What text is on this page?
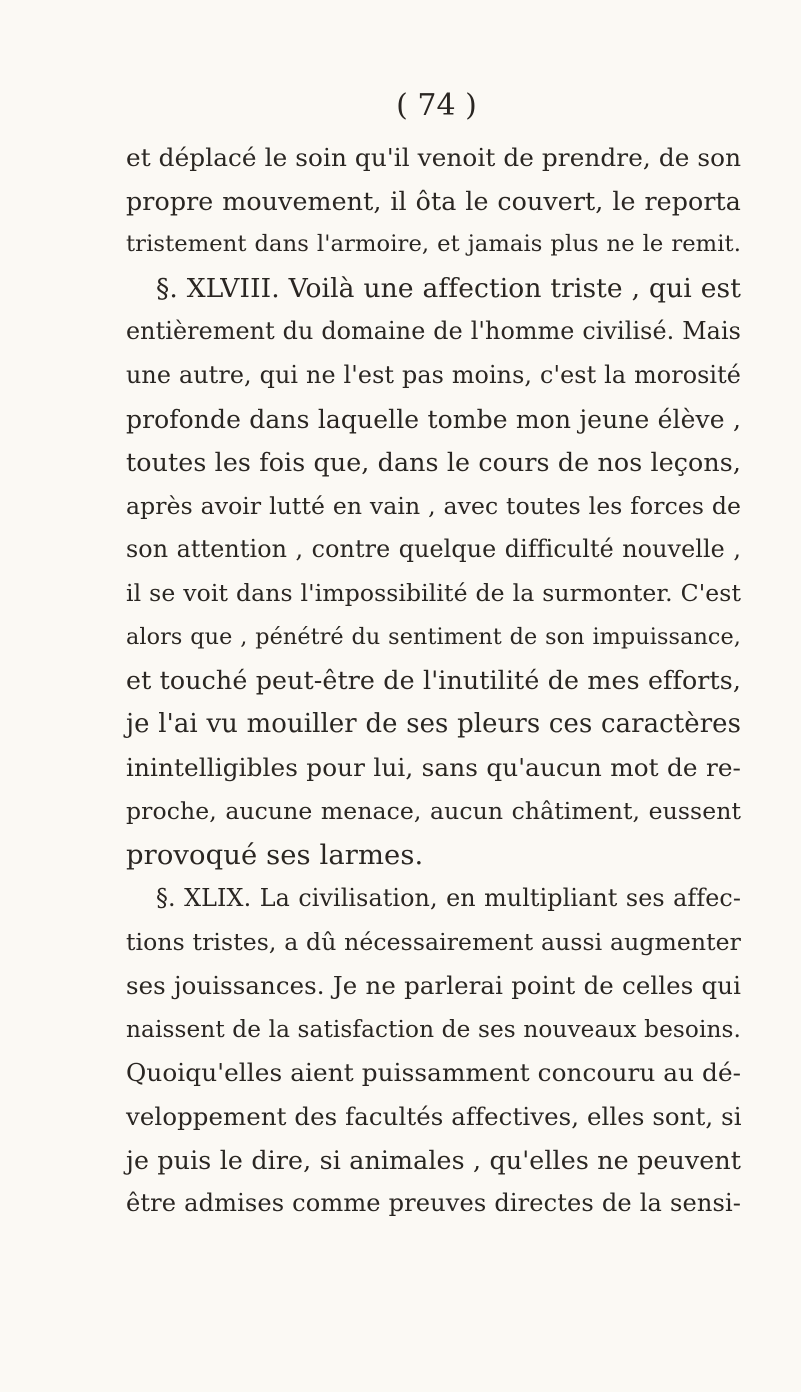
( 74 )
et déplacé le soin qu'il venoit de prendre, de son
propre mouvement, il ôta le couvert, le reporta
tristement dans l'armoire, et jamais plus ne le remit.
§. XLVIII. Voilà une affection triste , qui est
entièrement du domaine de l'homme civilisé. Mais
une autre, qui ne l'est pas moins, c'est la morosité
profonde dans laquelle tombe mon jeune élève ,
toutes les fois que, dans le cours de nos leçons,
après avoir lutté en vain , avec toutes les forces de
son attention , contre quelque difficulté nouvelle ,
il se voit dans l'impossibilité de la surmonter. C'est
alors que , pénétré du sentiment de son impuissance,
et touché peut-être de l'inutilité de mes efforts,
je l'ai vu mouiller de ses pleurs ces caractères
inintelligibles pour lui, sans qu'aucun mot de re-
proche, aucune menace, aucun châtiment, eussent
provoqué ses larmes.
§. XLIX. La civilisation, en multipliant ses affec-
tions tristes, a dû nécessairement aussi augmenter
ses jouissances. Je ne parlerai point de celles qui
naissent de la satisfaction de ses nouveaux besoins.
Quoiqu'elles aient puissamment concouru au dé-
veloppement des facultés affectives, elles sont, si
je puis le dire, si animales , qu'elles ne peuvent
être admises comme preuves directes de la sensi-
